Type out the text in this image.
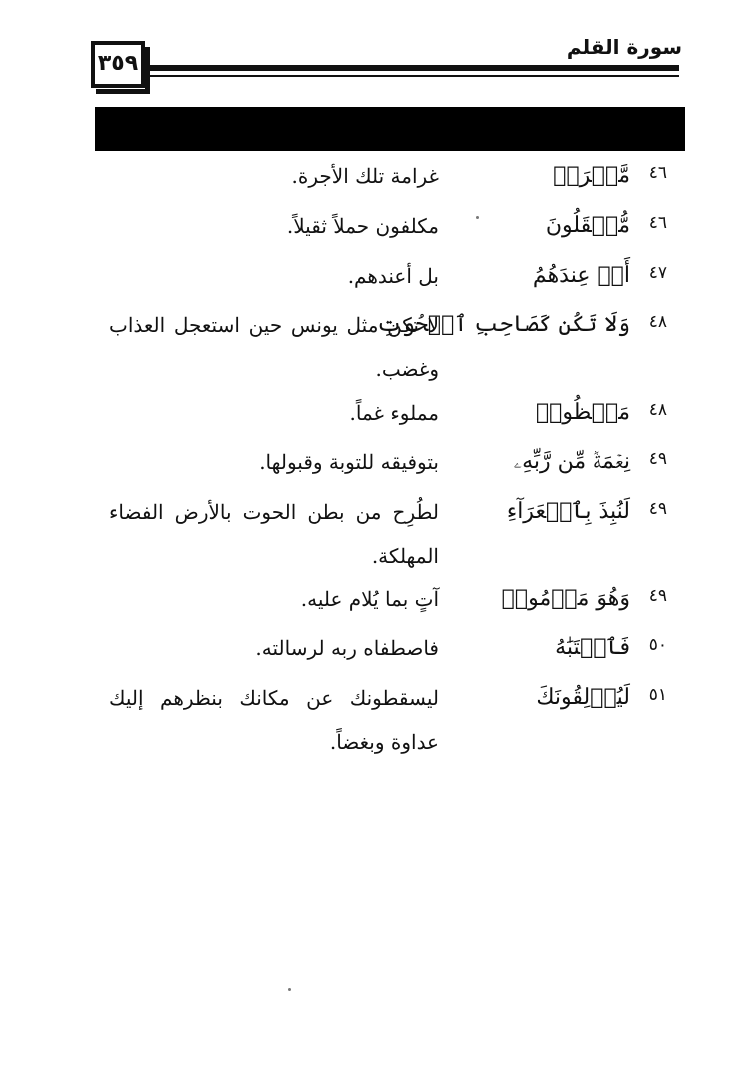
٣٥٩
سورة القلم
٤٦
مَّغۡرَمٖ
غرامة تلك الأجرة.
٤٦
مُّثۡقَلُونَ
مكلفون حملاً ثقيلاً.
٤٧
أَمۡ عِندَهُمُ
بل أعندهم.
٤٨
وَلَا تَكُن كَصَاحِبِ ٱلۡحُوتِ
لا تكن مثل يونس حين استعجل العذاب وغضب.
٤٨
مَكۡظُومٞ
مملوء غماً.
٤٩
نِعۡمَةٞ مِّن رَّبِّهِۦ
بتوفيقه للتوبة وقبولها.
٤٩
لَنُبِذَ بِٱلۡعَرَآءِ
لطُرِح من بطن الحوت بالأرض الفضاء المهلكة.
٤٩
وَهُوَ مَذۡمُومٞ
آتٍ بما يُلام عليه.
٥٠
فَٱجۡتَبَٰهُ
فاصطفاه ربه لرسالته.
٥١
لَيُزۡلِقُونَكَ
ليسقطونك عن مكانك بنظرهم إليك عداوة وبغضاً.
